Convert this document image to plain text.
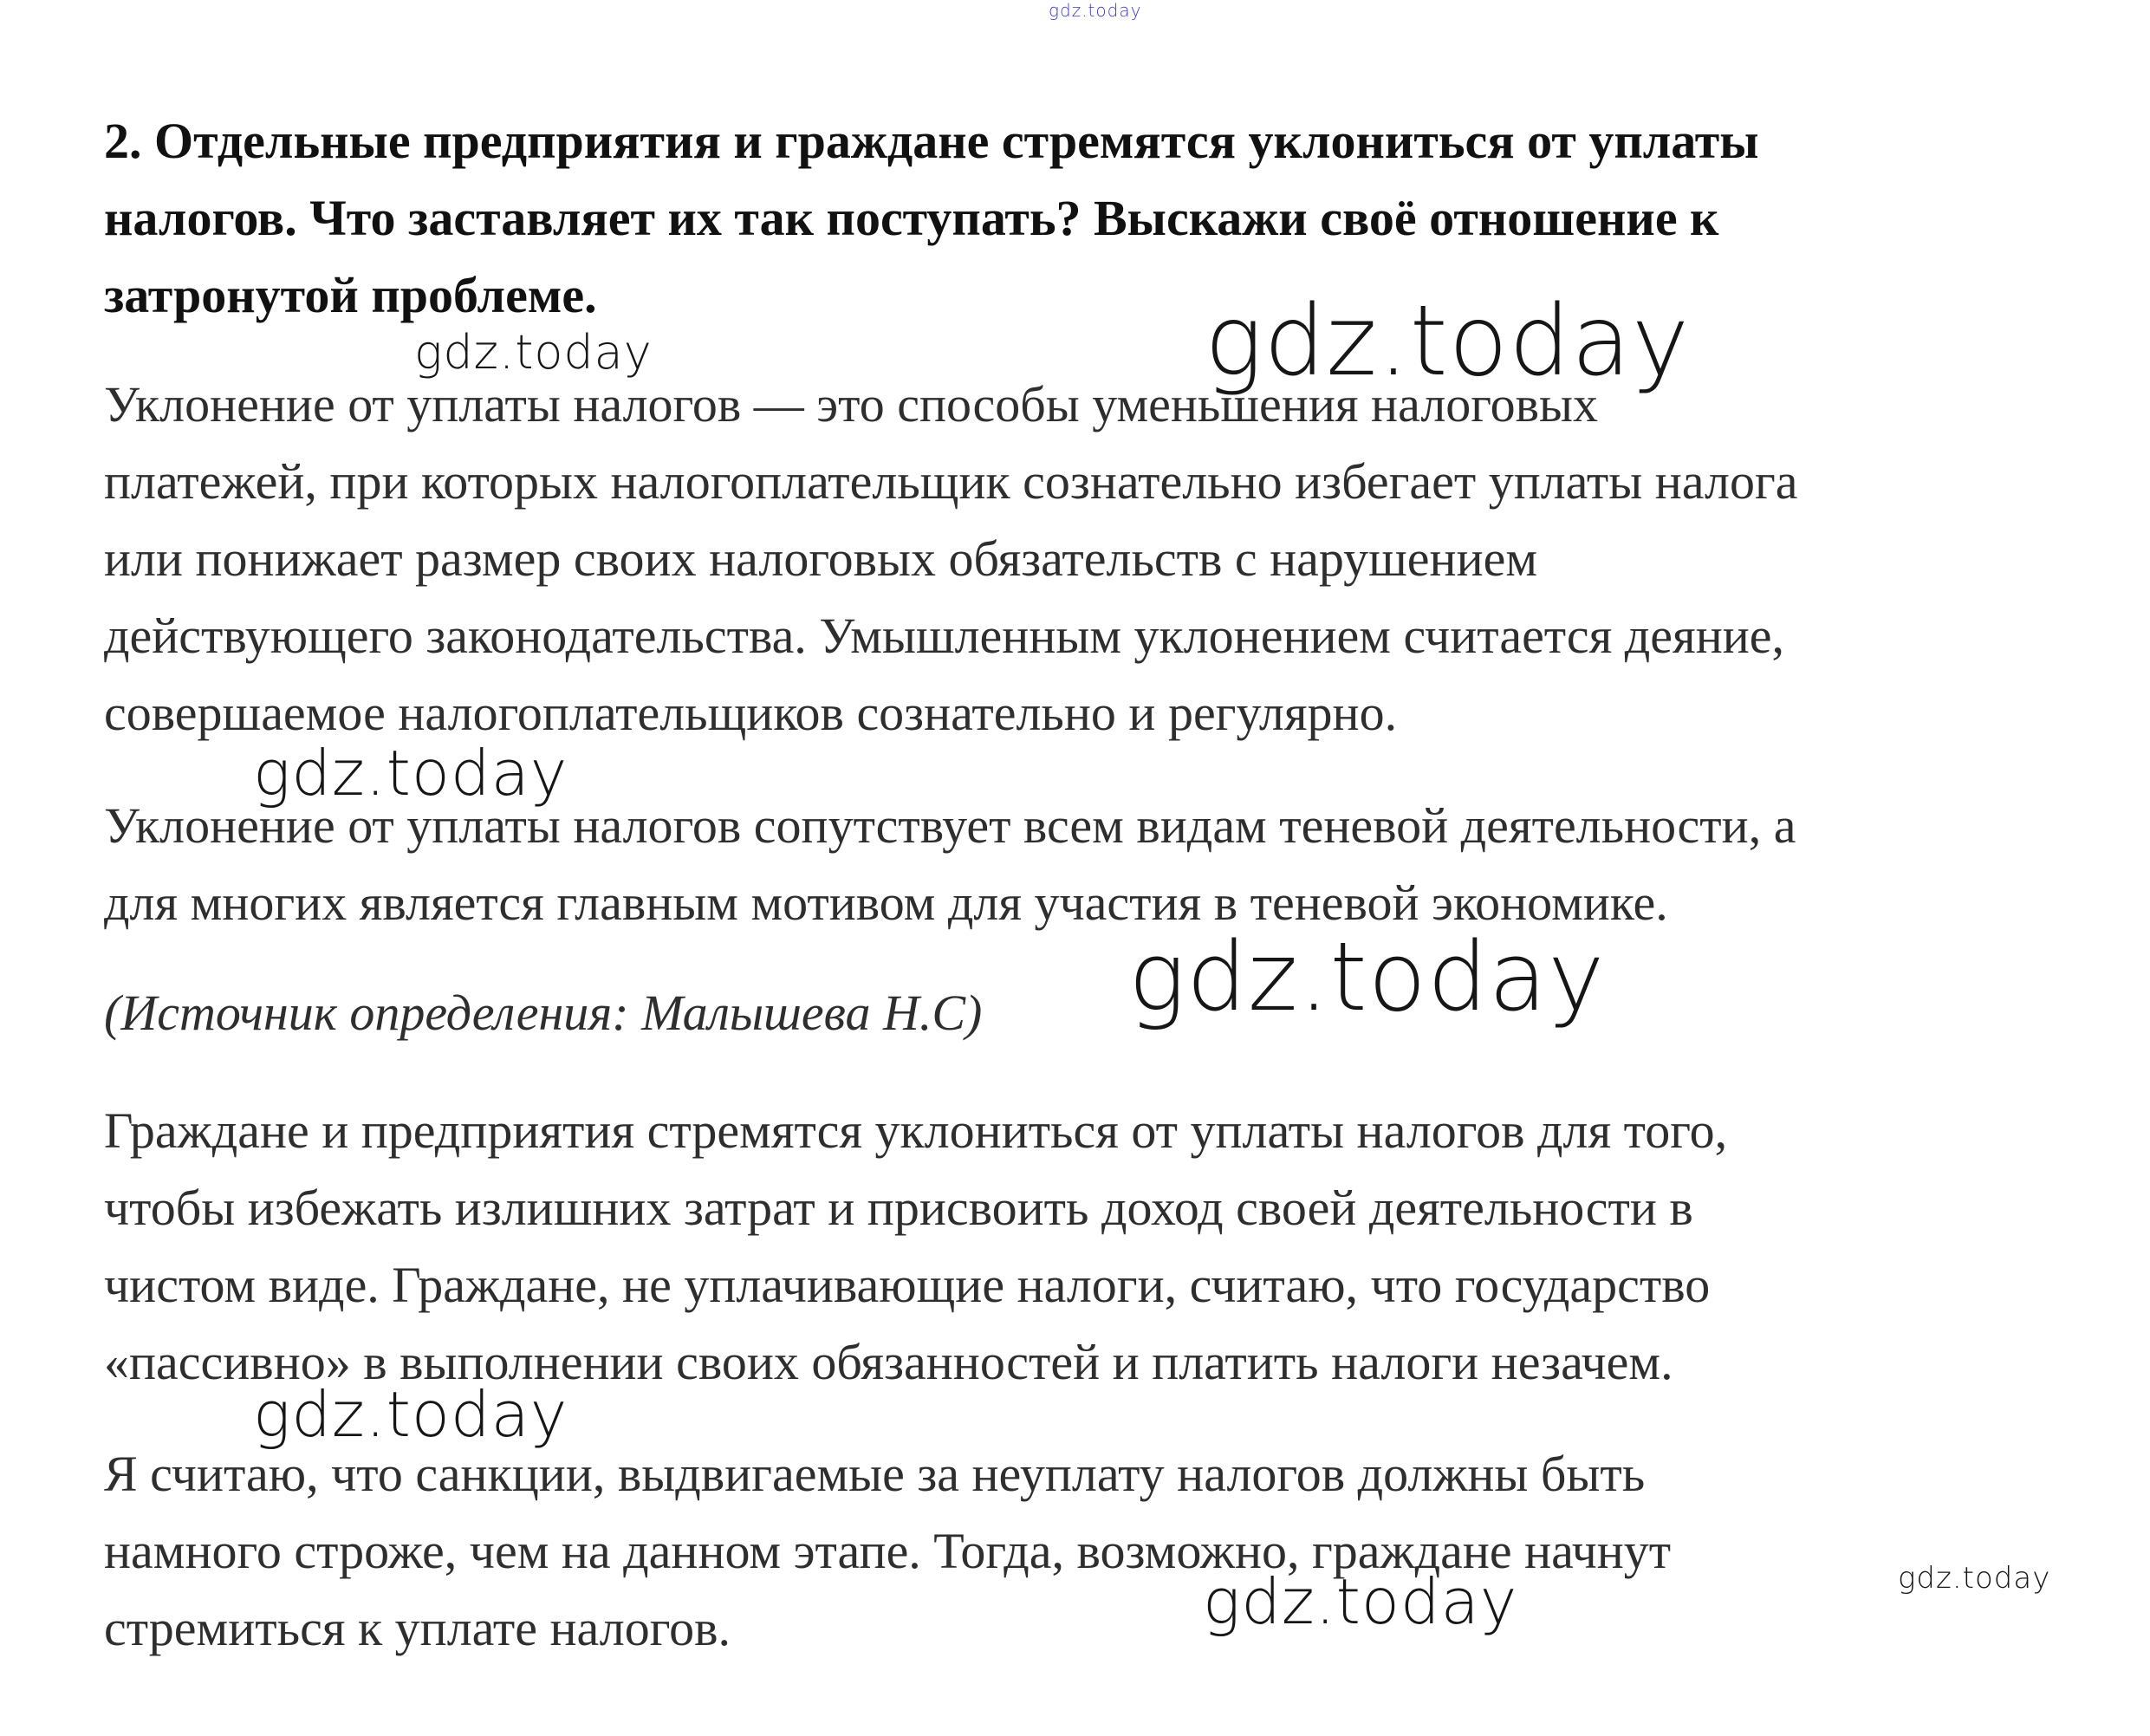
2. Отдельные предприятия и граждане стремятся уклониться от уплаты
налогов. Что заставляет их так поступать? Выскажи своё отношение к
затронутой проблеме.
Уклонение от уплаты налогов — это способы уменьшения налоговых
платежей, при которых налогоплательщик сознательно избегает уплаты налога
или понижает размер своих налоговых обязательств с нарушением
действующего законодательства. Умышленным уклонением считается деяние,
совершаемое налогоплательщиков сознательно и регулярно.
Уклонение от уплаты налогов сопутствует всем видам теневой деятельности, а
для многих является главным мотивом для участия в теневой экономике.
(Источник определения: Малышева Н.С)
Граждане и предприятия стремятся уклониться от уплаты налогов для того,
чтобы избежать излишних затрат и присвоить доход своей деятельности в
чистом виде. Граждане, не уплачивающие налоги, считаю, что государство
«пассивно» в выполнении своих обязанностей и платить налоги незачем.
Я считаю, что санкции, выдвигаемые за неуплату налогов должны быть
намного строже, чем на данном этапе. Тогда, возможно, граждане начнут
стремиться к уплате налогов.
gdz.today
gdz.today	gdz.today
gdz.today
gdz.today
gdz.today
gdz.today
gdz.today
